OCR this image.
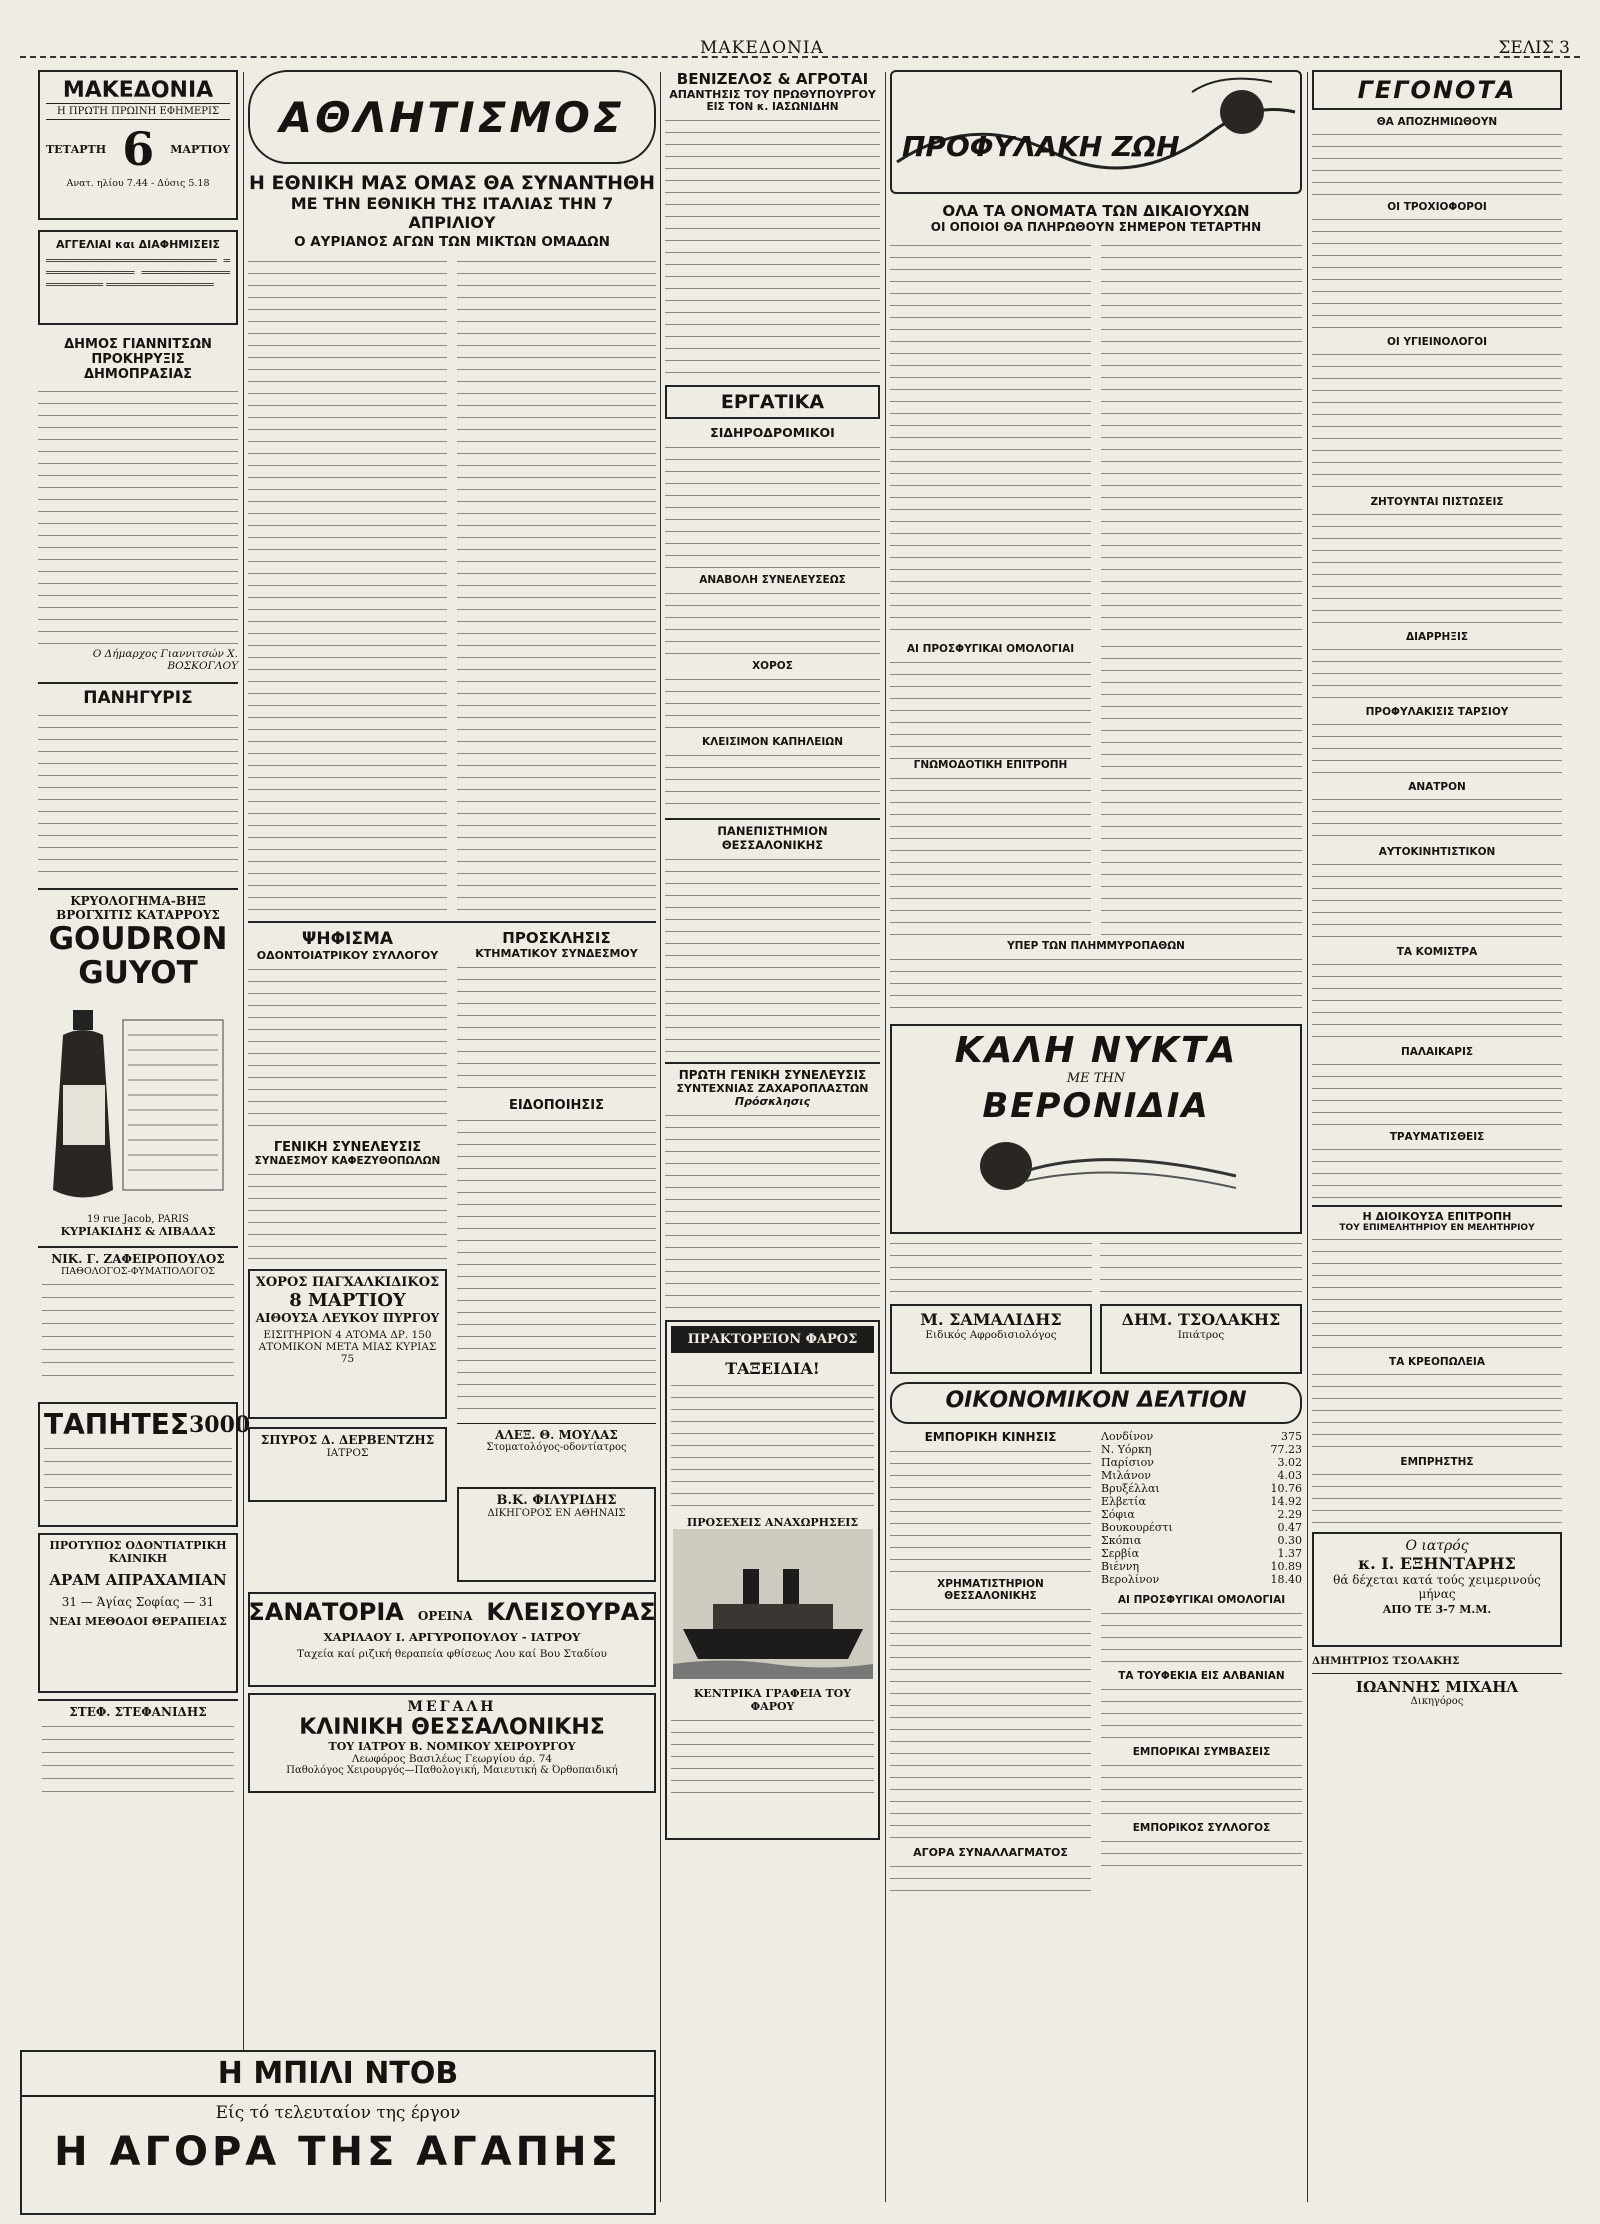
ΜΑΚΕΔΟΝΙΑ	ΣΕΛΙΣ 3
ΜΑΚΕΔΟΝΙΑ
Η ΠΡΩΤΗ ΠΡΩΙΝΗ ΕΦΗΜΕΡΙΣ
ΤΕΤΑΡΤΗ 6 ΜΑΡΤΙΟΥ
Ανατ. ηλίου 7.44 - Δύσις 5.18
ΑΓΓΕΛΙΑΙ και ΔΙΑΦΗΜΙΣΕΙΣ
═══════════════════════════ ═══════════════ ═══════════════════════ ═════════════════
ΔΗΜΟΣ ΓΙΑΝΝΙΤΣΩΝ
ΠΡΟΚΗΡΥΞΙΣ ΔΗΜΟΠΡΑΣΙΑΣ
Ο Δήμαρχος Γιαννιτσών Χ. ΒΟΣΚΟΓΛΟΥ
ΠΑΝΗΓΥΡΙΣ
ΚΡΥΟΛΟΓΗΜΑ-ΒΗΞ ΒΡΟΓΧΙΤΙΣ ΚΑΤΑΡΡΟΥΣ
GOUDRON
GUYOT
19 rue Jacob, PARIS
ΚΥΡΙΑΚΙΔΗΣ & ΛΙΒΑΔΑΣ
ΝΙΚ. Γ. ΖΑΦΕΙΡΟΠΟΥΛΟΣ
ΠΑΘΟΛΟΓΟΣ-ΦΥΜΑΤΙΟΛΟΓΟΣ
ΤΑΠΗΤΕΣ 3000
ΠΡΟΤΥΠΟΣ ΟΔΟΝΤΙΑΤΡΙΚΗ ΚΛΙΝΙΚΗ
ΑΡΑΜ ΑΠΡΑΧΑΜΙΑΝ
31 — Άγίας Σοφίας — 31
ΝΕΑΙ ΜΕΘΟΔΟΙ ΘΕΡΑΠΕΙΑΣ
ΣΤΕΦ. ΣΤΕΦΑΝΙΔΗΣ
ΑΘΛΗΤΙΣΜΟΣ
Η ΕΘΝΙΚΗ ΜΑΣ ΟΜΑΣ ΘΑ ΣΥΝΑΝΤΗΘΗ
ΜΕ ΤΗΝ ΕΘΝΙΚΗ ΤΗΣ ΙΤΑΛΙΑΣ ΤΗΝ 7 ΑΠΡΙΛΙΟΥ
Ο ΑΥΡΙΑΝΟΣ ΑΓΩΝ ΤΩΝ ΜΙΚΤΩΝ ΟΜΑΔΩΝ
ΨΗΦΙΣΜΑ
ΟΔΟΝΤΟΙΑΤΡΙΚΟΥ ΣΥΛΛΟΓΟΥ
ΓΕΝΙΚΗ ΣΥΝΕΛΕΥΣΙΣ
ΣΥΝΔΕΣΜΟΥ ΚΑΦΕΖΥΘΟΠΩΛΩΝ
ΧΟΡΟΣ ΠΑΓΧΑΛΚΙΔΙΚΟΣ
8 ΜΑΡΤΙΟΥ
ΑΙΘΟΥΣΑ ΛΕΥΚΟΥ ΠΥΡΓΟΥ
ΕΙΣΙΤΗΡΙΟΝ 4 ΑΤΟΜΑ ΔΡ. 150
ΑΤΟΜΙΚΟΝ ΜΕΤΑ ΜΙΑΣ ΚΥΡΙΑΣ 75
ΣΠΥΡΟΣ Δ. ΔΕΡΒΕΝΤΖΗΣ
ΙΑΤΡΟΣ
ΠΡΟΣΚΛΗΣΙΣ
ΚΤΗΜΑΤΙΚΟΥ ΣΥΝΔΕΣΜΟΥ
ΕΙΔΟΠΟΙΗΣΙΣ
ΑΛΕΞ. Θ. ΜΟΥΛΑΣ
Στοματολόγος-οδοντίατρος
Β.Κ. ΦΙΛΥΡΙΔΗΣ
ΔΙΚΗΓΟΡΟΣ ΕΝ ΑΘΗΝΑΙΣ
ΣΑΝΑΤΟΡΙΑ ΟΡΕΙΝΑ ΚΛΕΙΣΟΥΡΑΣ
ΧΑΡΙΛΑΟΥ Ι. ΑΡΓΥΡΟΠΟΥΛΟΥ - ΙΑΤΡΟΥ
Ταχεία καί ριζική θεραπεία φθίσεως Λου καί Βου Σταδίου
ΜΕΓΑΛΗ
ΚΛΙΝΙΚΗ ΘΕΣΣΑΛΟΝΙΚΗΣ
ΤΟΥ ΙΑΤΡΟΥ Β. ΝΟΜΙΚΟΥ ΧΕΙΡΟΥΡΓΟΥ
Λεωφόρος Βασιλέως Γεωργίου άρ. 74
Παθολόγος Χειρουργός—Παθολογική, Μαιευτική & Όρθοπαιδική
ΒΕΝΙΖΕΛΟΣ & ΑΓΡΟΤΑΙ
ΑΠΑΝΤΗΣΙΣ ΤΟΥ ΠΡΩΘΥΠΟΥΡΓΟΥ
ΕΙΣ ΤΟΝ κ. ΙΑΣΩΝΙΔΗΝ
ΕΡΓΑΤΙΚΑ
ΣΙΔΗΡΟΔΡΟΜΙΚΟΙ
ΑΝΑΒΟΛΗ ΣΥΝΕΛΕΥΣΕΩΣ
ΧΟΡΟΣ
ΚΛΕΙΣΙΜΟΝ ΚΑΠΗΛΕΙΩΝ
ΠΑΝΕΠΙΣΤΗΜΙΟΝ ΘΕΣΣΑΛΟΝΙΚΗΣ
ΠΡΩΤΗ ΓΕΝΙΚΗ ΣΥΝΕΛΕΥΣΙΣ
ΣΥΝΤΕΧΝΙΑΣ ΖΑΧΑΡΟΠΛΑΣΤΩΝ
Πρόσκλησις
ΠΡΑΚΤΟΡΕΙΟΝ ΦΑΡΟΣ
ΤΑΞΕΙΔΙΑ!
ΠΡΟΣΕΧΕΙΣ ΑΝΑΧΩΡΗΣΕΙΣ
ΚΕΝΤΡΙΚΑ ΓΡΑΦΕΙΑ ΤΟΥ ΦΑΡΟΥ
ΠΡΟΦΥΛΑΚΗ ΖΩΗ
ΟΛΑ ΤΑ ΟΝΟΜΑΤΑ ΤΩΝ ΔΙΚΑΙΟΥΧΩΝ
ΟΙ ΟΠΟΙΟΙ ΘΑ ΠΛΗΡΩΘΟΥΝ ΣΗΜΕΡΟΝ ΤΕΤΑΡΤΗΝ
ΑΙ ΠΡΟΣΦΥΓΙΚΑΙ ΟΜΟΛΟΓΙΑΙ
ΓΝΩΜΟΔΟΤΙΚΗ ΕΠΙΤΡΟΠΗ
ΥΠΕΡ ΤΩΝ ΠΛΗΜΜΥΡΟΠΑΘΩΝ
ΚΑΛΗ ΝΥΚΤΑ
ΜΕ ΤΗΝ
ΒΕΡΟΝΙΔΙΑ
Μ. ΣΑΜΑΛΙΔΗΣ
Ειδικός Αφροδισιολόγος
ΔΗΜ. ΤΣΟΛΑΚΗΣ
Ιπιάτρος
ΟΙΚΟΝΟΜΙΚΟΝ ΔΕΛΤΙΟΝ
ΕΜΠΟΡΙΚΗ ΚΙΝΗΣΙΣ
ΧΡΗΜΑΤΙΣΤΗΡΙΟΝ ΘΕΣΣΑΛΟΝΙΚΗΣ
ΑΓΟΡΑ ΣΥΝΑΛΛΑΓΜΑΤΟΣ
Λονδίνον	375
Ν. Υόρκη	77.23
Παρίσιον	3.02
Μιλάνον	4.03
Βρυξέλλαι	10.76
Ελβετία	14.92
Σόφια	2.29
Βουκουρέστι	0.47
Σκόπια	0.30
Σερβία	1.37
Βιέννη	10.89
Βερολίνον	18.40
ΑΙ ΠΡΟΣΦΥΓΙΚΑΙ ΟΜΟΛΟΓΙΑΙ
ΤΑ ΤΟΥΦΕΚΙΑ ΕΙΣ ΑΛΒΑΝΙΑΝ
ΕΜΠΟΡΙΚΑΙ ΣΥΜΒΑΣΕΙΣ
ΕΜΠΟΡΙΚΟΣ ΣΥΛΛΟΓΟΣ
ΓΕΓΟΝΟΤΑ
ΘΑ ΑΠΟΖΗΜΙΩΘΟΥΝ
ΟΙ ΤΡΟΧΙΟΦΟΡΟΙ
ΟΙ ΥΓΙΕΙΝΟΛΟΓΟΙ
ΖΗΤΟΥΝΤΑΙ ΠΙΣΤΩΣΕΙΣ
ΔΙΑΡΡΗΞΙΣ
ΠΡΟΦΥΛΑΚΙΣΙΣ ΤΑΡΣΙΟΥ
ΑΝΑΤΡΟΝ
ΑΥΤΟΚΙΝΗΤΙΣΤΙΚΟΝ
ΤΑ ΚΟΜΙΣΤΡΑ
ΠΑΛΑΙΚΑΡΙΣ
ΤΡΑΥΜΑΤΙΣΘΕΙΣ
Η ΔΙΟΙΚΟΥΣΑ ΕΠΙΤΡΟΠΗ
ΤΟΥ ΕΠΙΜΕΛΗΤΗΡΙΟΥ ΕΝ ΜΕΛΗΤΗΡΙΟΥ
ΤΑ ΚΡΕΟΠΩΛΕΙΑ
ΕΜΠΡΗΣΤΗΣ
Ο ιατρός
κ. Ι. ΕΞΗΝΤΑΡΗΣ
θά δέχεται κατά τούς χειμερινούς μήνας
ΑΠΟ ΤΕ 3-7 Μ.Μ.
ΔΗΜΗΤΡΙΟΣ ΤΣΟΛΑΚΗΣ
ΙΩΑΝΝΗΣ ΜΙΧΑΗΛ
Δικηγόρος
Η ΜΠΙΛΙ ΝΤΟΒ
Είς τό τελευταίον της έργον
Η ΑΓΟΡΑ ΤΗΣ ΑΓΑΠΗΣ
